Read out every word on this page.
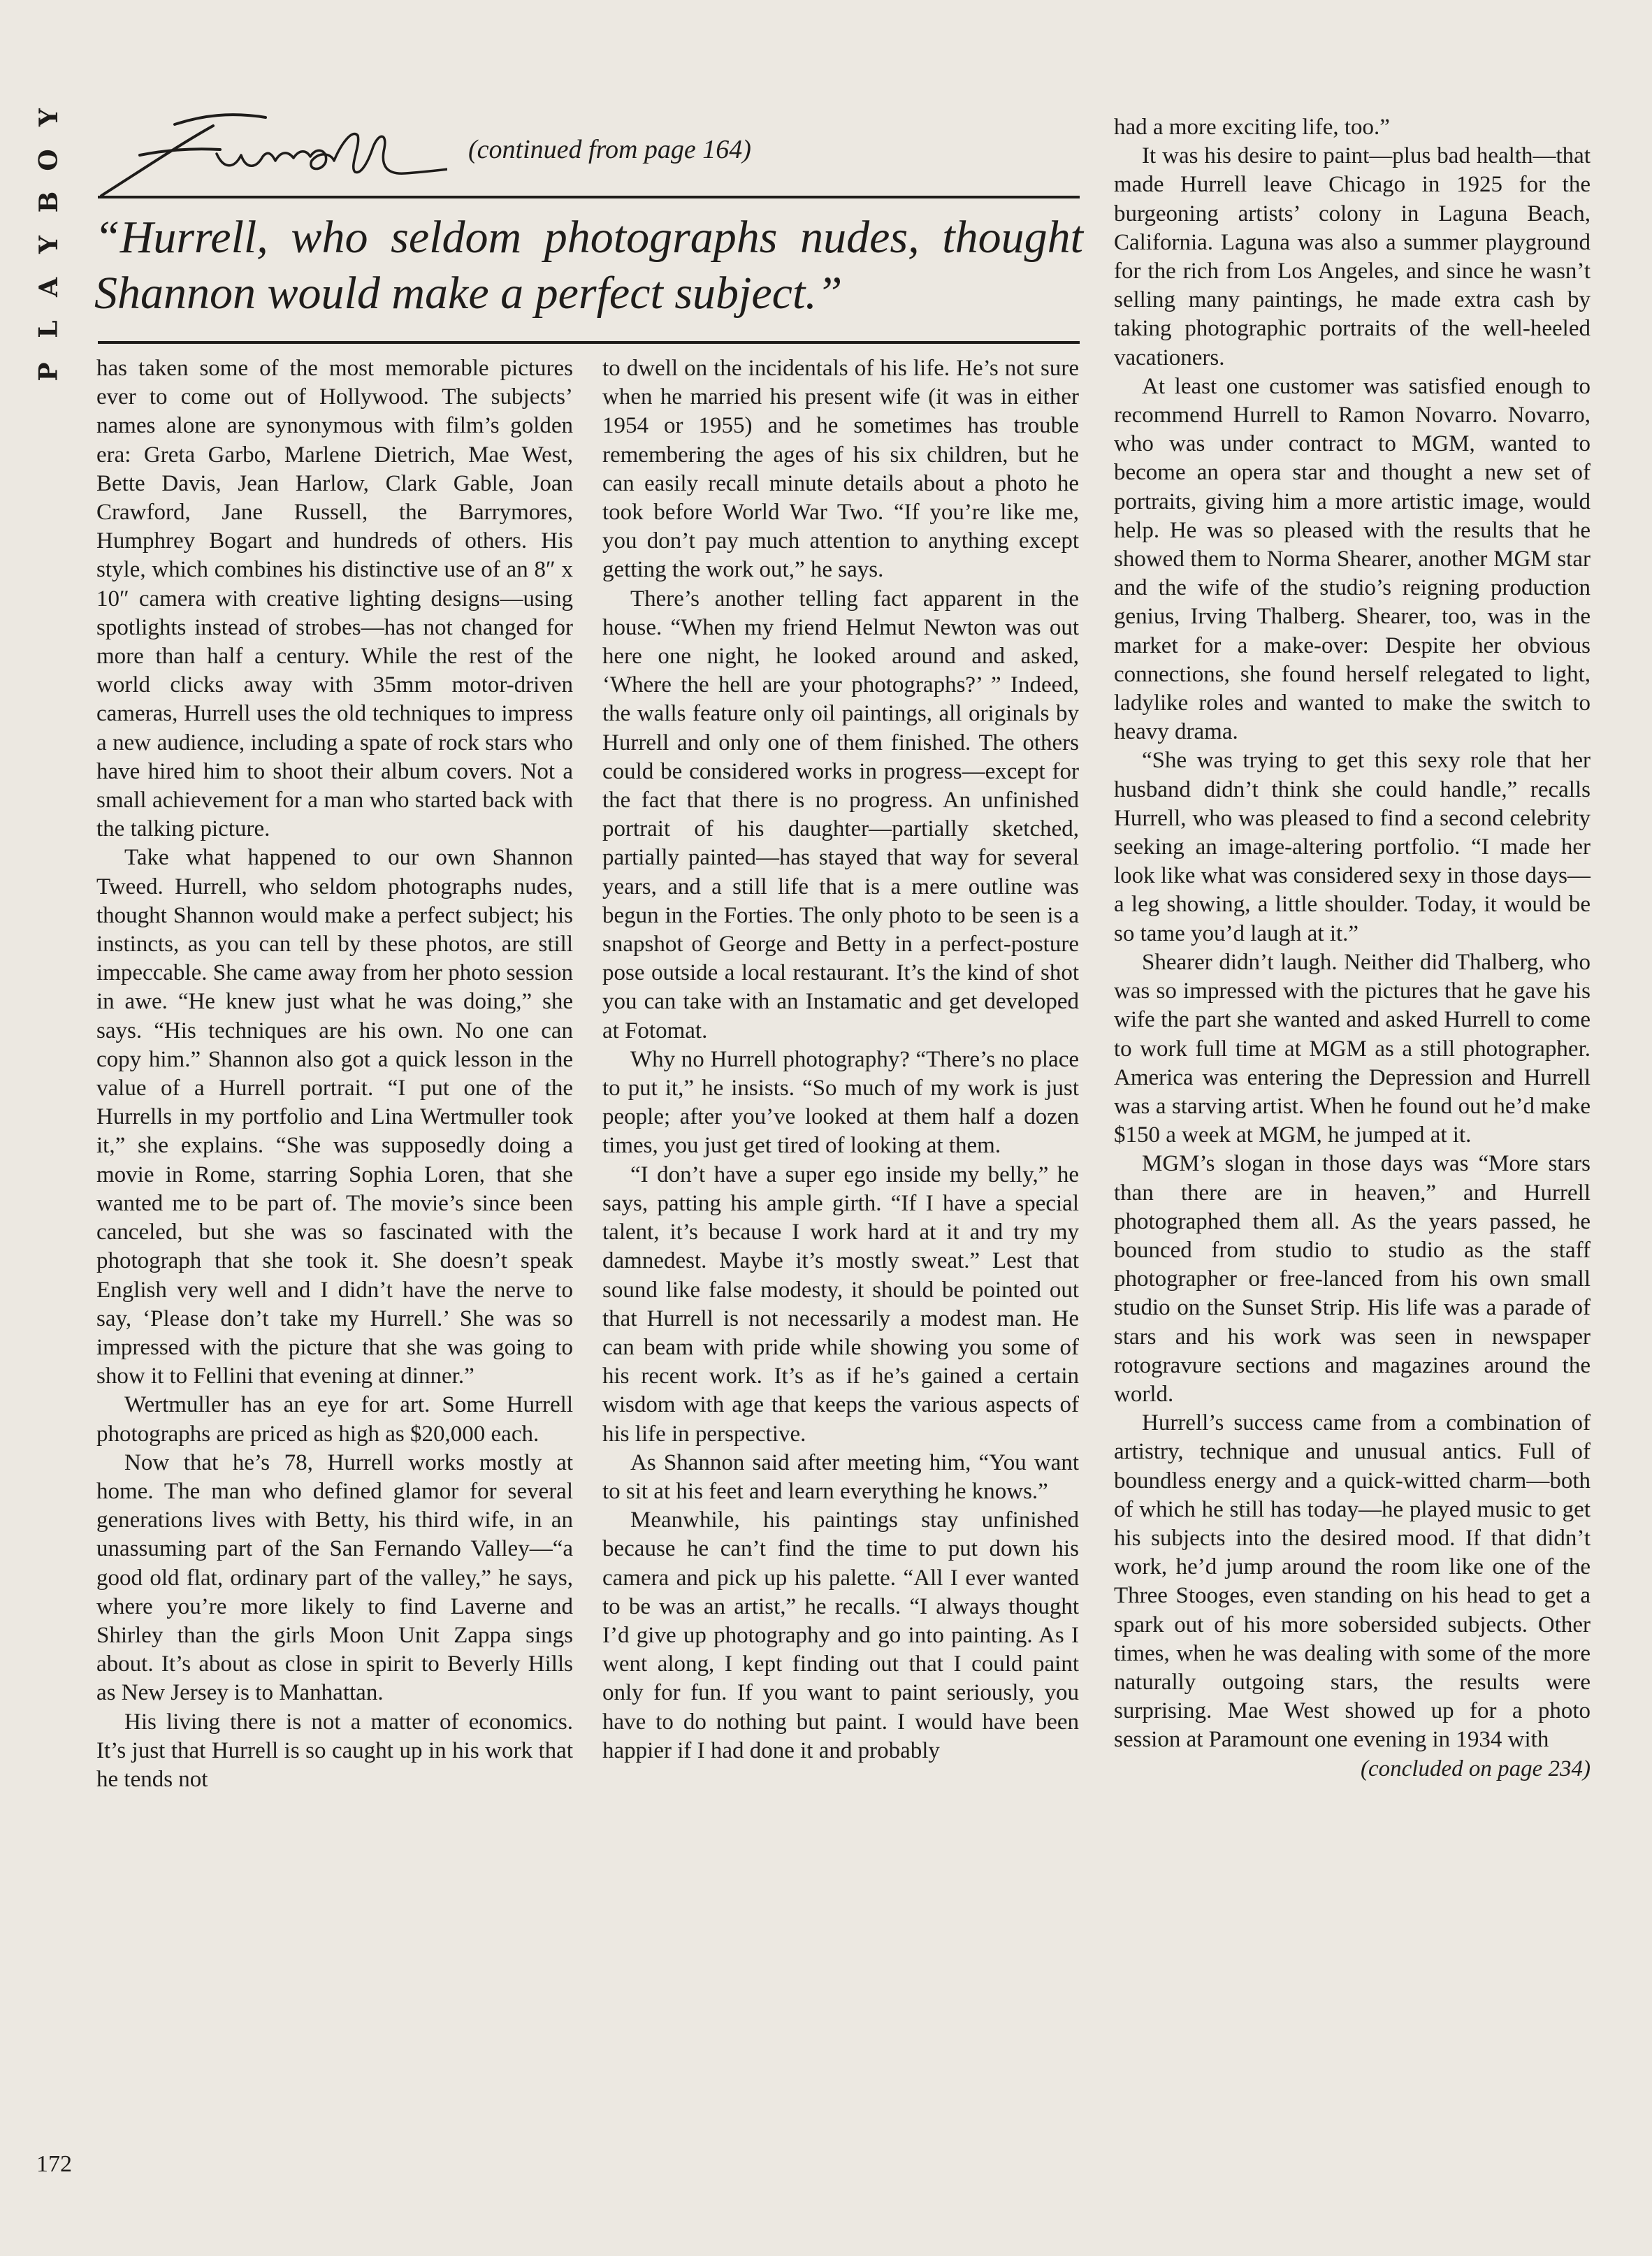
Y
O
B
Y
A
L
P
(continued from page 164)
“Hurrell, who seldom photographs nudes, thought
Shannon would make a perfect subject.”

has taken some of the most memorable pictures ever to come out of Hollywood. The subjects’ names alone are synonymous with film’s golden era: Greta Garbo, Marlene Dietrich, Mae West, Bette Davis, Jean Harlow, Clark Gable, Joan Crawford, Jane Russell, the Barrymores, Humphrey Bogart and hundreds of others. His style, which combines his distinctive use of an 8″ x 10″ camera with creative lighting designs—using spotlights instead of strobes—has not changed for more than half a century. While the rest of the world clicks away with 35mm motor-driven cameras, Hurrell uses the old techniques to impress a new audience, including a spate of rock stars who have hired him to shoot their album covers. Not a small achievement for a man who started back with the talking picture.

Take what happened to our own Shannon Tweed. Hurrell, who seldom photographs nudes, thought Shannon would make a perfect subject; his instincts, as you can tell by these photos, are still impeccable. She came away from her photo session in awe. “He knew just what he was doing,” she says. “His techniques are his own. No one can copy him.” Shannon also got a quick lesson in the value of a Hurrell portrait. “I put one of the Hurrells in my portfolio and Lina Wertmuller took it,” she explains. “She was supposedly doing a movie in Rome, starring Sophia Loren, that she wanted me to be part of. The movie’s since been canceled, but she was so fascinated with the photograph that she took it. She doesn’t speak English very well and I didn’t have the nerve to say, ‘Please don’t take my Hurrell.’ She was so impressed with the picture that she was going to show it to Fellini that evening at dinner.”

Wertmuller has an eye for art. Some Hurrell photographs are priced as high as $20,000 each.

Now that he’s 78, Hurrell works mostly at home. The man who defined glamor for several generations lives with Betty, his third wife, in an unassuming part of the San Fernando Valley—“a good old flat, ordinary part of the valley,” he says, where you’re more likely to find Laverne and Shirley than the girls Moon Unit Zappa sings about. It’s about as close in spirit to Beverly Hills as New Jersey is to Manhattan.

His living there is not a matter of economics. It’s just that Hurrell is so caught up in his work that he tends not

to dwell on the incidentals of his life. He’s not sure when he married his present wife (it was in either 1954 or 1955) and he sometimes has trouble remembering the ages of his six children, but he can easily recall minute details about a photo he took before World War Two. “If you’re like me, you don’t pay much attention to anything except getting the work out,” he says.

There’s another telling fact apparent in the house. “When my friend Helmut Newton was out here one night, he looked around and asked, ‘Where the hell are your photographs?’ ” Indeed, the walls feature only oil paintings, all originals by Hurrell and only one of them finished. The others could be considered works in progress—except for the fact that there is no progress. An unfinished portrait of his daughter—partially sketched, partially painted—has stayed that way for several years, and a still life that is a mere outline was begun in the Forties. The only photo to be seen is a snapshot of George and Betty in a perfect-posture pose outside a local restaurant. It’s the kind of shot you can take with an Instamatic and get developed at Fotomat.

Why no Hurrell photography? “There’s no place to put it,” he insists. “So much of my work is just people; after you’ve looked at them half a dozen times, you just get tired of looking at them.

“I don’t have a super ego inside my belly,” he says, patting his ample girth. “If I have a special talent, it’s because I work hard at it and try my damnedest. Maybe it’s mostly sweat.” Lest that sound like false modesty, it should be pointed out that Hurrell is not necessarily a modest man. He can beam with pride while showing you some of his recent work. It’s as if he’s gained a certain wisdom with age that keeps the various aspects of his life in perspective.

As Shannon said after meeting him, “You want to sit at his feet and learn everything he knows.”

Meanwhile, his paintings stay unfinished because he can’t find the time to put down his camera and pick up his palette. “All I ever wanted to be was an artist,” he recalls. “I always thought I’d give up photography and go into painting. As I went along, I kept finding out that I could paint only for fun. If you want to paint seriously, you have to do nothing but paint. I would have been happier if I had done it and probably

had a more exciting life, too.”

It was his desire to paint—plus bad health—that made Hurrell leave Chicago in 1925 for the burgeoning artists’ colony in Laguna Beach, California. Laguna was also a summer playground for the rich from Los Angeles, and since he wasn’t selling many paintings, he made extra cash by taking photographic portraits of the well-heeled vacationers.

At least one customer was satisfied enough to recommend Hurrell to Ramon Novarro. Novarro, who was under contract to MGM, wanted to become an opera star and thought a new set of portraits, giving him a more artistic image, would help. He was so pleased with the results that he showed them to Norma Shearer, another MGM star and the wife of the studio’s reigning production genius, Irving Thalberg. Shearer, too, was in the market for a make-over: Despite her obvious connections, she found herself relegated to light, ladylike roles and wanted to make the switch to heavy drama.

“She was trying to get this sexy role that her husband didn’t think she could handle,” recalls Hurrell, who was pleased to find a second celebrity seeking an image-altering portfolio. “I made her look like what was considered sexy in those days—a leg showing, a little shoulder. Today, it would be so tame you’d laugh at it.”

Shearer didn’t laugh. Neither did Thalberg, who was so impressed with the pictures that he gave his wife the part she wanted and asked Hurrell to come to work full time at MGM as a still photographer. America was entering the Depression and Hurrell was a starving artist. When he found out he’d make $150 a week at MGM, he jumped at it.

MGM’s slogan in those days was “More stars than there are in heaven,” and Hurrell photographed them all. As the years passed, he bounced from studio to studio as the staff photographer or free-lanced from his own small studio on the Sunset Strip. His life was a parade of stars and his work was seen in newspaper rotogravure sections and magazines around the world.

Hurrell’s success came from a combination of artistry, technique and unusual antics. Full of boundless energy and a quick-witted charm—both of which he still has today—he played music to get his subjects into the desired mood. If that didn’t work, he’d jump around the room like one of the Three Stooges, even standing on his head to get a spark out of his more sobersided subjects. Other times, when he was dealing with some of the more naturally outgoing stars, the results were surprising. Mae West showed up for a photo session at Paramount one evening in 1934 with

(concluded on page 234)

172
